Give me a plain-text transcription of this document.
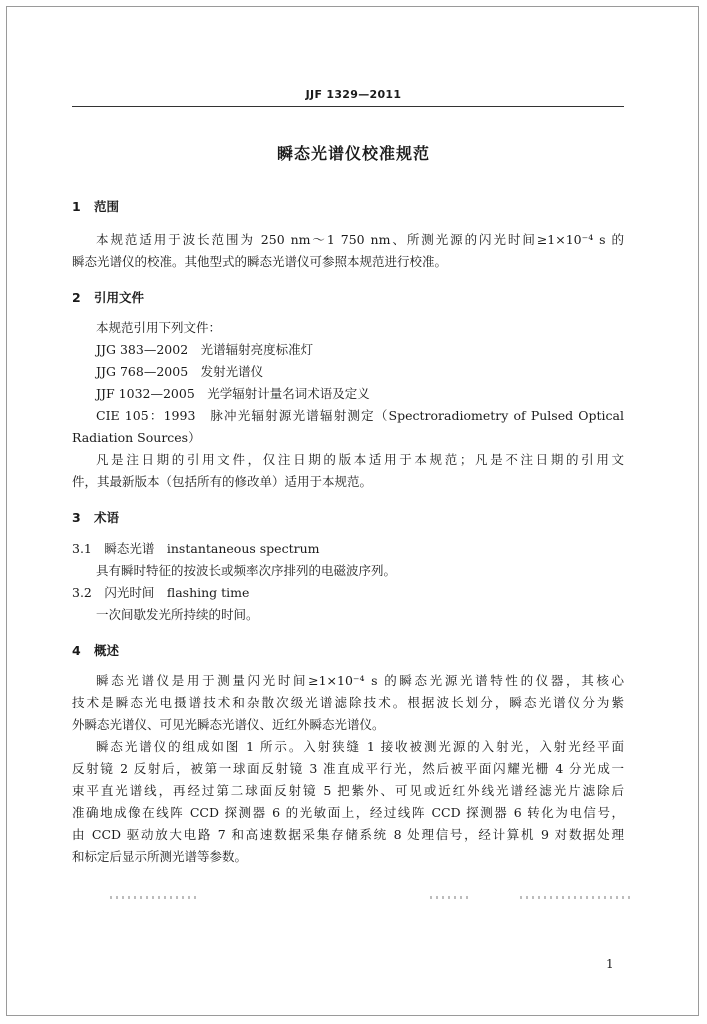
JJF 1329—2011
瞬态光谱仪校准规范
1 范围
本规范适用于波长范围为 250 nm～1 750 nm、所测光源的闪光时间≥1×10⁻⁴ s 的
瞬态光谱仪的校准。其他型式的瞬态光谱仪可参照本规范进行校准。
2 引用文件
本规范引用下列文件：
JJG 383—2002　光谱辐射亮度标准灯
JJG 768—2005　发射光谱仪
JJF 1032—2005　光学辐射计量名词术语及定义
CIE 105：1993　脉冲光辐射源光谱辐射测定（Spectroradiometry of Pulsed Optical
Radiation Sources）
凡是注日期的引用文件，仅注日期的版本适用于本规范；凡是不注日期的引用文
件，其最新版本（包括所有的修改单）适用于本规范。
3 术语
3.1　瞬态光谱　instantaneous spectrum
具有瞬时特征的按波长或频率次序排列的电磁波序列。
3.2　闪光时间　flashing time
一次间歇发光所持续的时间。
4 概述
瞬态光谱仪是用于测量闪光时间≥1×10⁻⁴ s 的瞬态光源光谱特性的仪器，其核心
技术是瞬态光电摄谱技术和杂散次级光谱滤除技术。根据波长划分，瞬态光谱仪分为紫
外瞬态光谱仪、可见光瞬态光谱仪、近红外瞬态光谱仪。
瞬态光谱仪的组成如图 1 所示。入射狭缝 1 接收被测光源的入射光，入射光经平面
反射镜 2 反射后，被第一球面反射镜 3 准直成平行光，然后被平面闪耀光栅 4 分光成一
束平直光谱线，再经过第二球面反射镜 5 把紫外、可见或近红外线光谱经滤光片滤除后
准确地成像在线阵 CCD 探测器 6 的光敏面上，经过线阵 CCD 探测器 6 转化为电信号，
由 CCD 驱动放大电路 7 和高速数据采集存储系统 8 处理信号，经计算机 9 对数据处理
和标定后显示所测光谱等参数。
1
